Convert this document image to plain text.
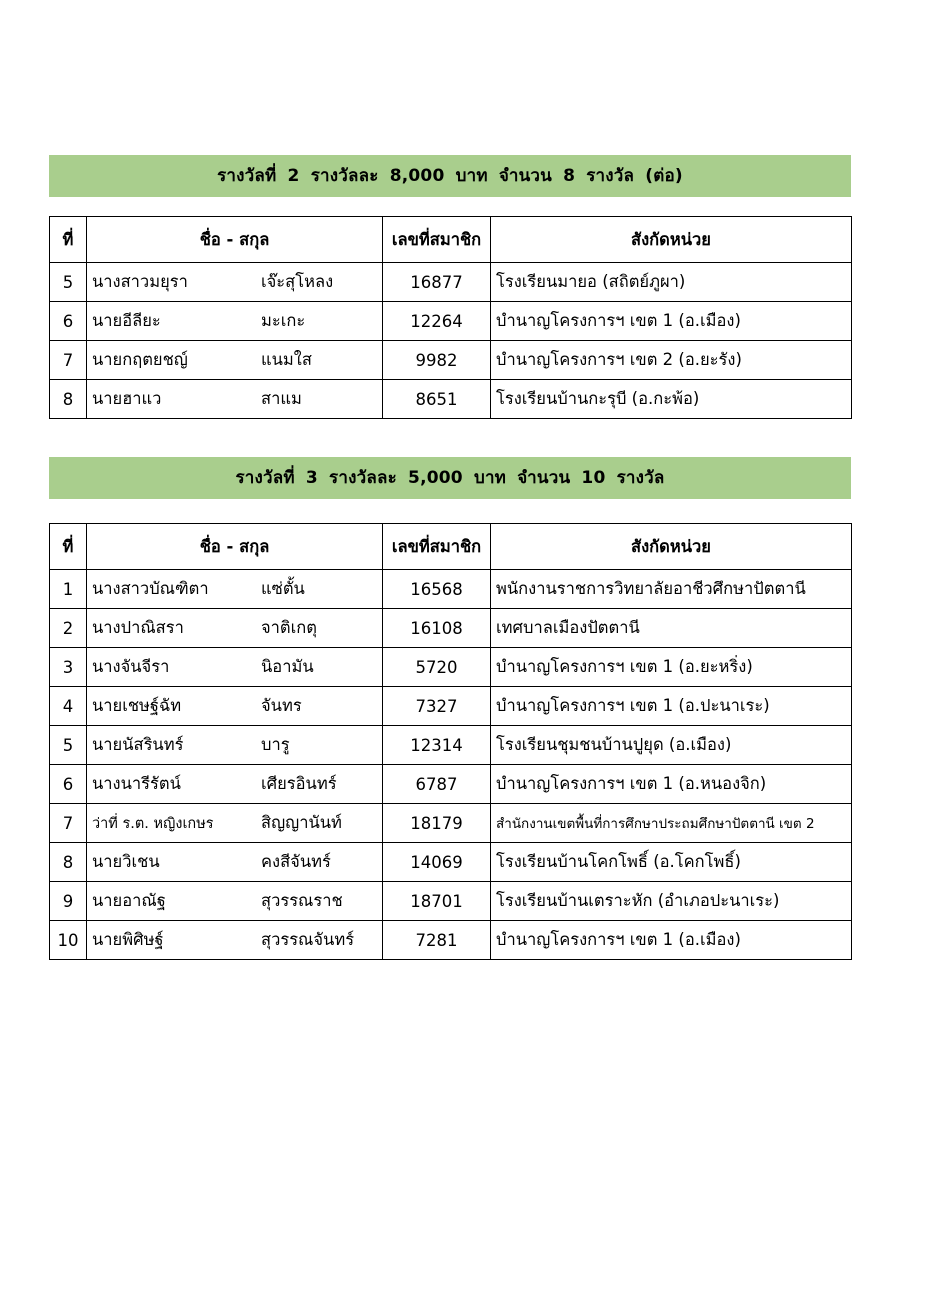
รางวัลที่ 2 รางวัลละ 8,000 บาท จำนวน 8 รางวัล (ต่อ)
ที่	ชื่อ - สกุล	เลขที่สมาชิก	สังกัดหน่วย
5	นางสาวมยุรา เจ๊ะสุโหลง	16877	โรงเรียนมายอ (สถิตย์ภูผา)
6	นายอีลียะ มะเกะ	12264	บำนาญโครงการฯ เขต 1 (อ.เมือง)
7	นายกฤตยชญ์ แนมใส	9982	บำนาญโครงการฯ เขต 2 (อ.ยะรัง)
8	นายฮาแว สาแม	8651	โรงเรียนบ้านกะรุบี (อ.กะพ้อ)
รางวัลที่ 3 รางวัลละ 5,000 บาท จำนวน 10 รางวัล
ที่	ชื่อ - สกุล	เลขที่สมาชิก	สังกัดหน่วย
1	นางสาวบัณฑิตา แซ่ตั้น	16568	พนักงานราชการวิทยาลัยอาชีวศึกษาปัตตานี
2	นางปาณิสรา จาติเกตุ	16108	เทศบาลเมืองปัตตานี
3	นางจันจีรา นิอามัน	5720	บำนาญโครงการฯ เขต 1 (อ.ยะหริ่ง)
4	นายเชษฐ์ฉัท จันทร	7327	บำนาญโครงการฯ เขต 1 (อ.ปะนาเระ)
5	นายนัสรินทร์ บารู	12314	โรงเรียนชุมชนบ้านปูยุด (อ.เมือง)
6	นางนารีรัตน์ เศียรอินทร์	6787	บำนาญโครงการฯ เขต 1 (อ.หนองจิก)
7	ว่าที่ ร.ต. หญิงเกษร สิญญานันท์	18179	สำนักงานเขตพื้นที่การศึกษาประถมศึกษาปัตตานี เขต 2
8	นายวิเชน คงสีจันทร์	14069	โรงเรียนบ้านโคกโพธิ์ (อ.โคกโพธิ์)
9	นายอาณัฐ สุวรรณราช	18701	โรงเรียนบ้านเตราะหัก (อำเภอปะนาเระ)
10	นายพิศิษฐ์ สุวรรณจันทร์	7281	บำนาญโครงการฯ เขต 1 (อ.เมือง)
